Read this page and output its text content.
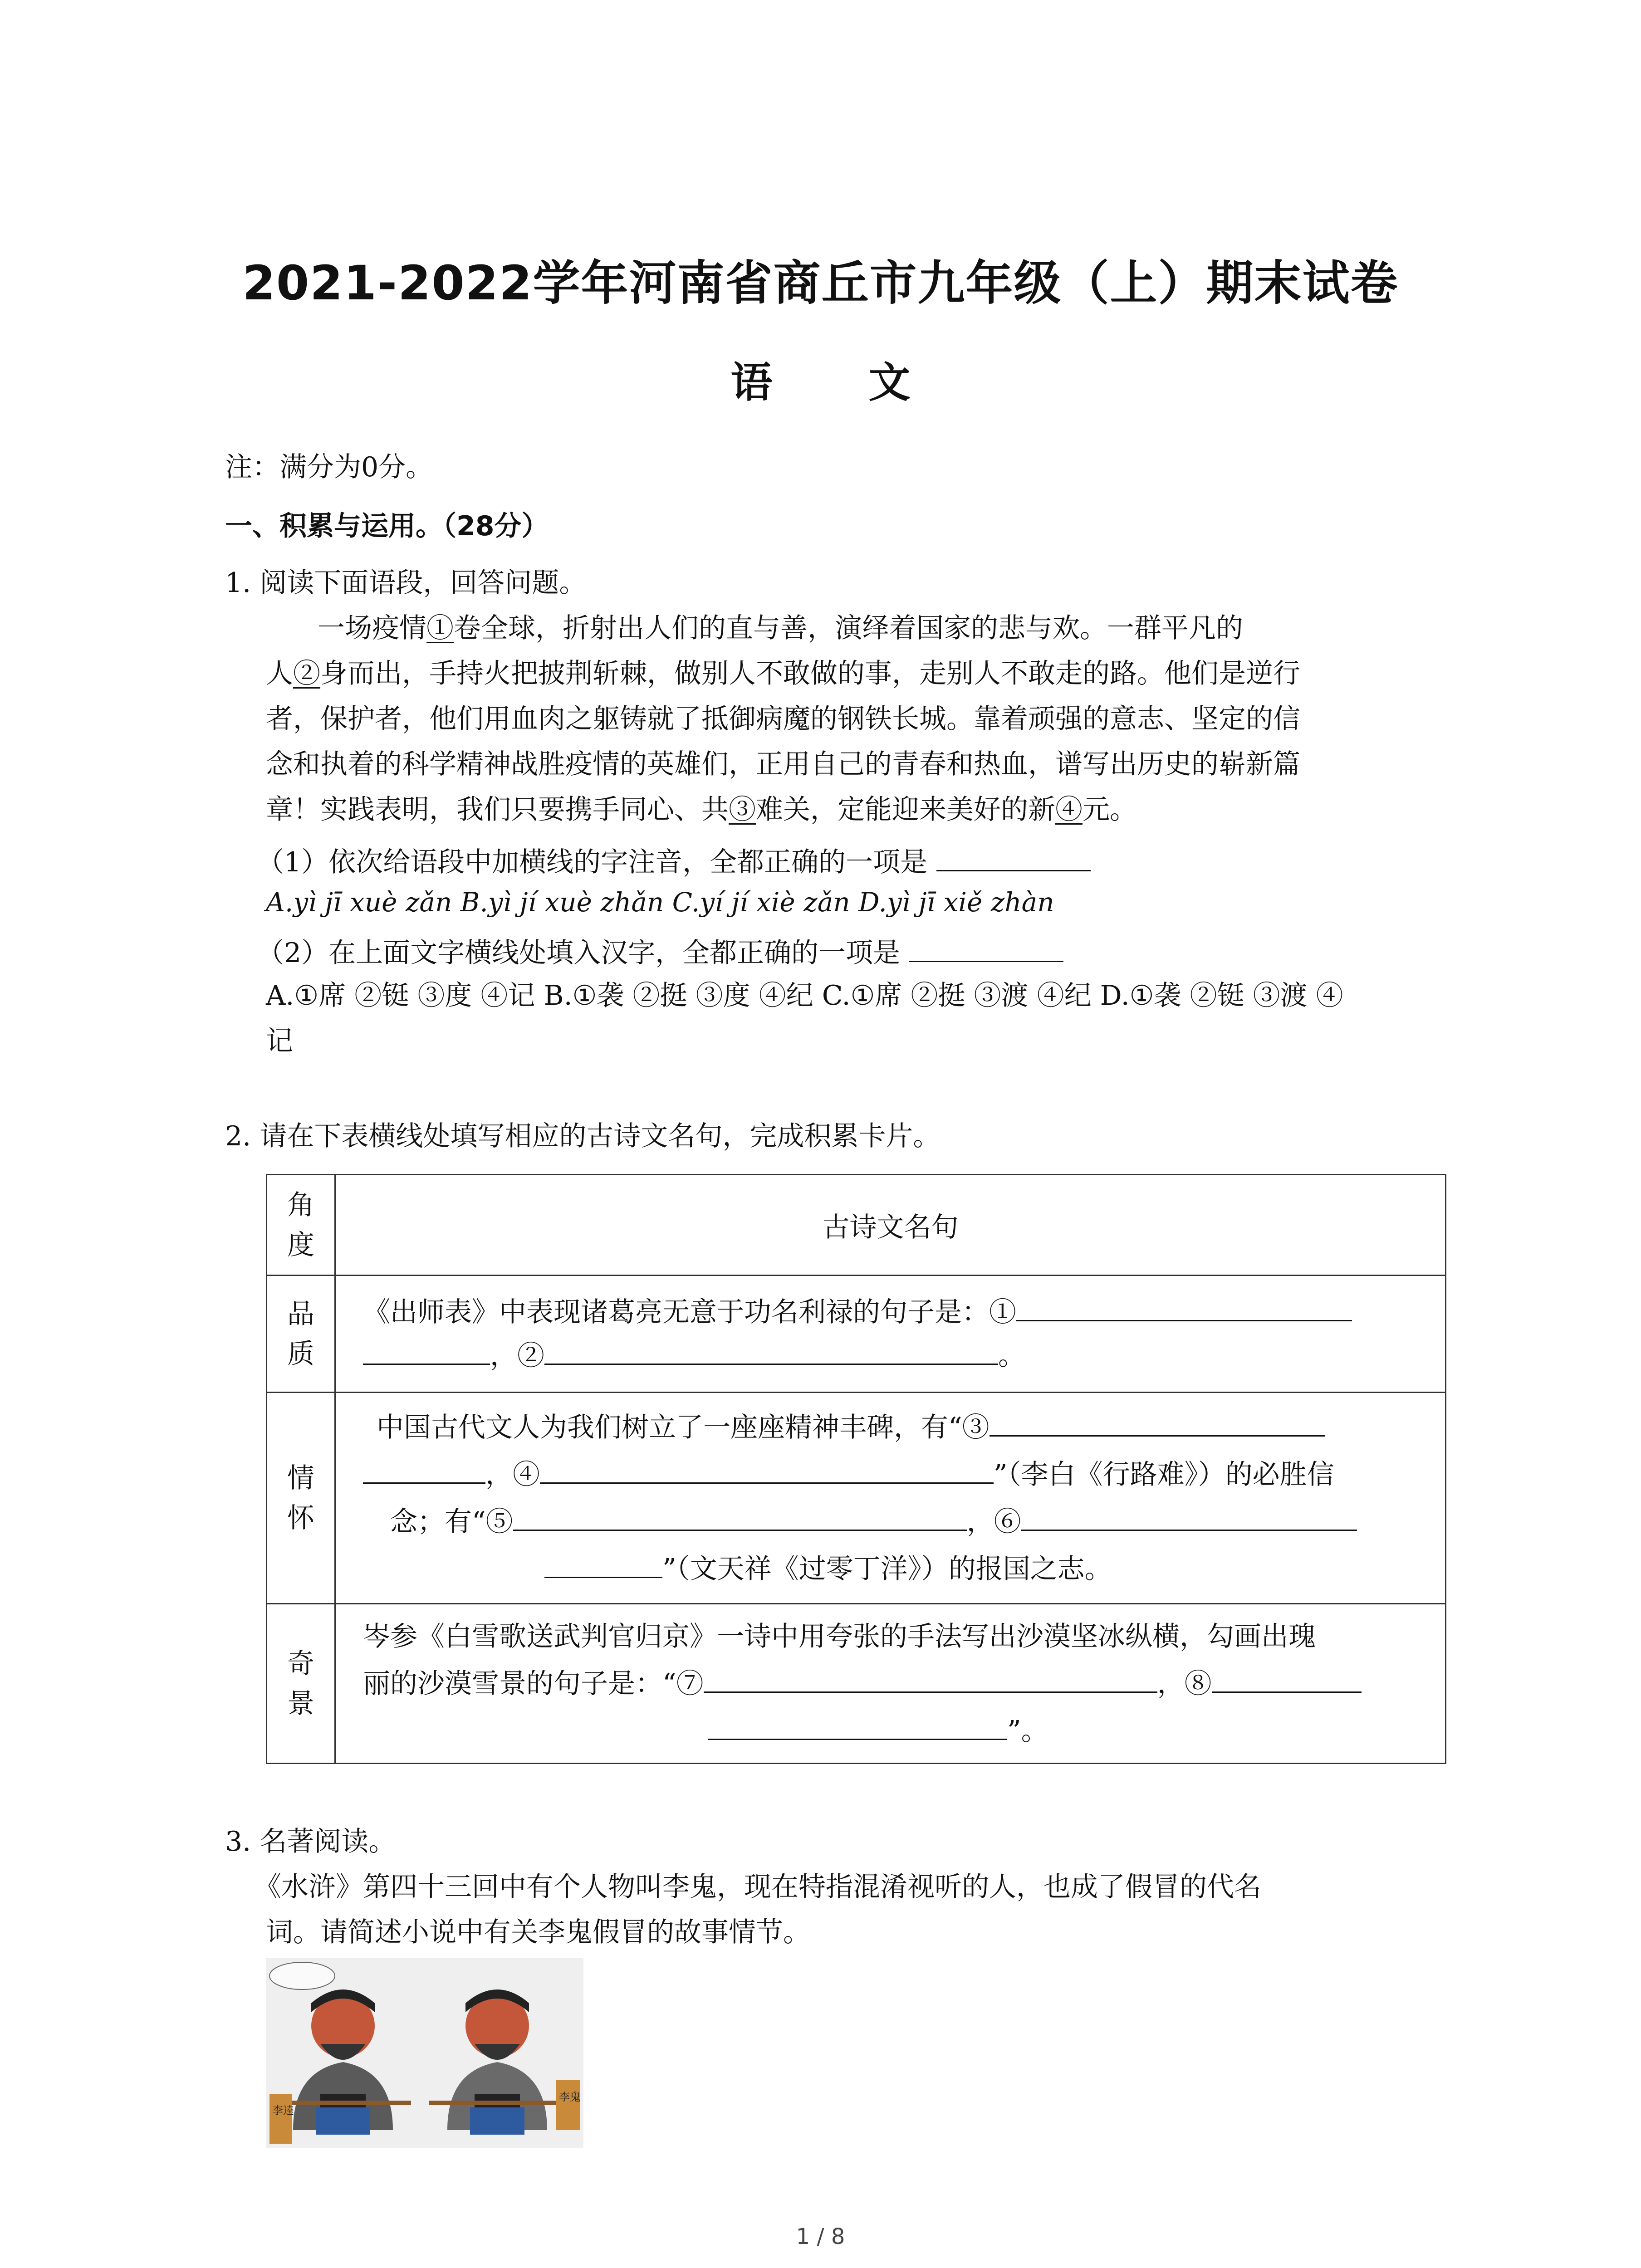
2021-2022学年河南省商丘市九年级（上）期末试卷
语 文
注：满分为0分。
一、积累与运用。（28分）
1. 阅读下面语段，回答问题。
一场疫情①卷全球，折射出人们的直与善，演绎着国家的悲与欢。一群平凡的
人②身而出，手持火把披荆斩棘，做别人不敢做的事，走别人不敢走的路。他们是逆行
者，保护者，他们用血肉之躯铸就了抵御病魔的钢铁长城。靠着顽强的意志、坚定的信
念和执着的科学精神战胜疫情的英雄们，正用自己的青春和热血，谱写出历史的崭新篇
章！实践表明，我们只要携手同心、共③难关，定能迎来美好的新④元。
（1）依次给语段中加横线的字注音，全都正确的一项是
A.yì jī xuè zǎn B.yì jí xuè zhǎn C.yí jí xiè zǎn D.yì jī xiě zhàn
（2）在上面文字横线处填入汉字，全都正确的一项是
A.①席 ②铤 ③度 ④记 B.①袭 ②挺 ③度 ④纪 C.①席 ②挺 ③渡 ④纪 D.①袭 ②铤 ③渡 ④
记
2. 请在下表横线处填写相应的古诗文名句，完成积累卡片。
角度	古诗文名句

品质	《出师表》中表现诸葛亮无意于功名利禄的句子是：①
，② 。

情怀	中国古代文人为我们树立了一座座精神丰碑，有“③
，④ ”（李白《行路难》）的必胜信
念；有“⑤ ，⑥
”（文天祥《过零丁洋》）的报国之志。

奇景	岑参《白雪歌送武判官归京》一诗中用夸张的手法写出沙漠坚冰纵横，勾画出瑰
丽的沙漠雪景的句子是：“⑦ ，⑧
”。
3. 名著阅读。
《水浒》第四十三回中有个人物叫李鬼，现在特指混淆视听的人，也成了假冒的代名
词。请简述小说中有关李鬼假冒的故事情节。
李逵
李鬼
1 / 8
